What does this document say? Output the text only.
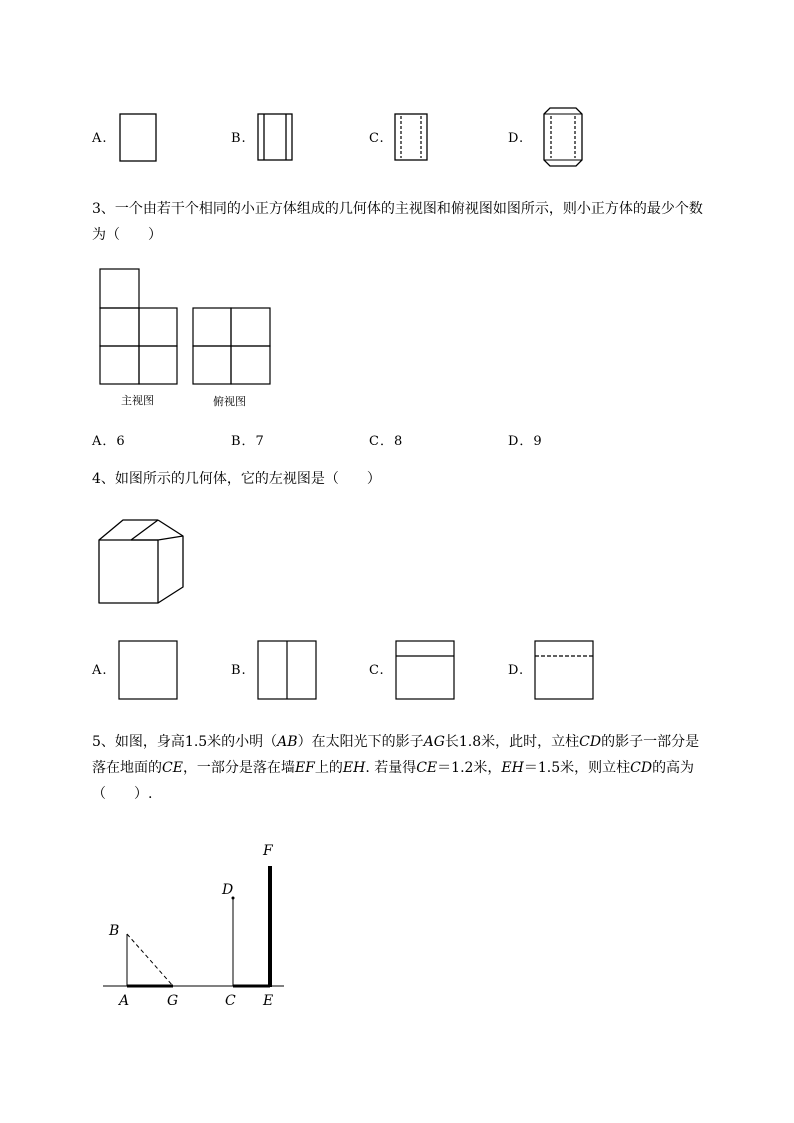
A.	B.	C.	D.
3、一个由若干个相同的小正方体组成的几何体的主视图和俯视图如图所示，则小正方体的最少个数
为（　　）
主视图	俯视图
A．6	B．7	C．8	D．9
4、如图所示的几何体，它的左视图是（　　）
A.	B.	C.	D.
5、如图，身高1.5米的小明（AB）在太阳光下的影子AG长1.8米，此时，立柱CD的影子一部分是
落在地面的CE，一部分是落在墙EF上的EH. 若量得CE＝1.2米，EH＝1.5米，则立柱CD的高为
（　　）.
A
B
G	C
D
E
F
